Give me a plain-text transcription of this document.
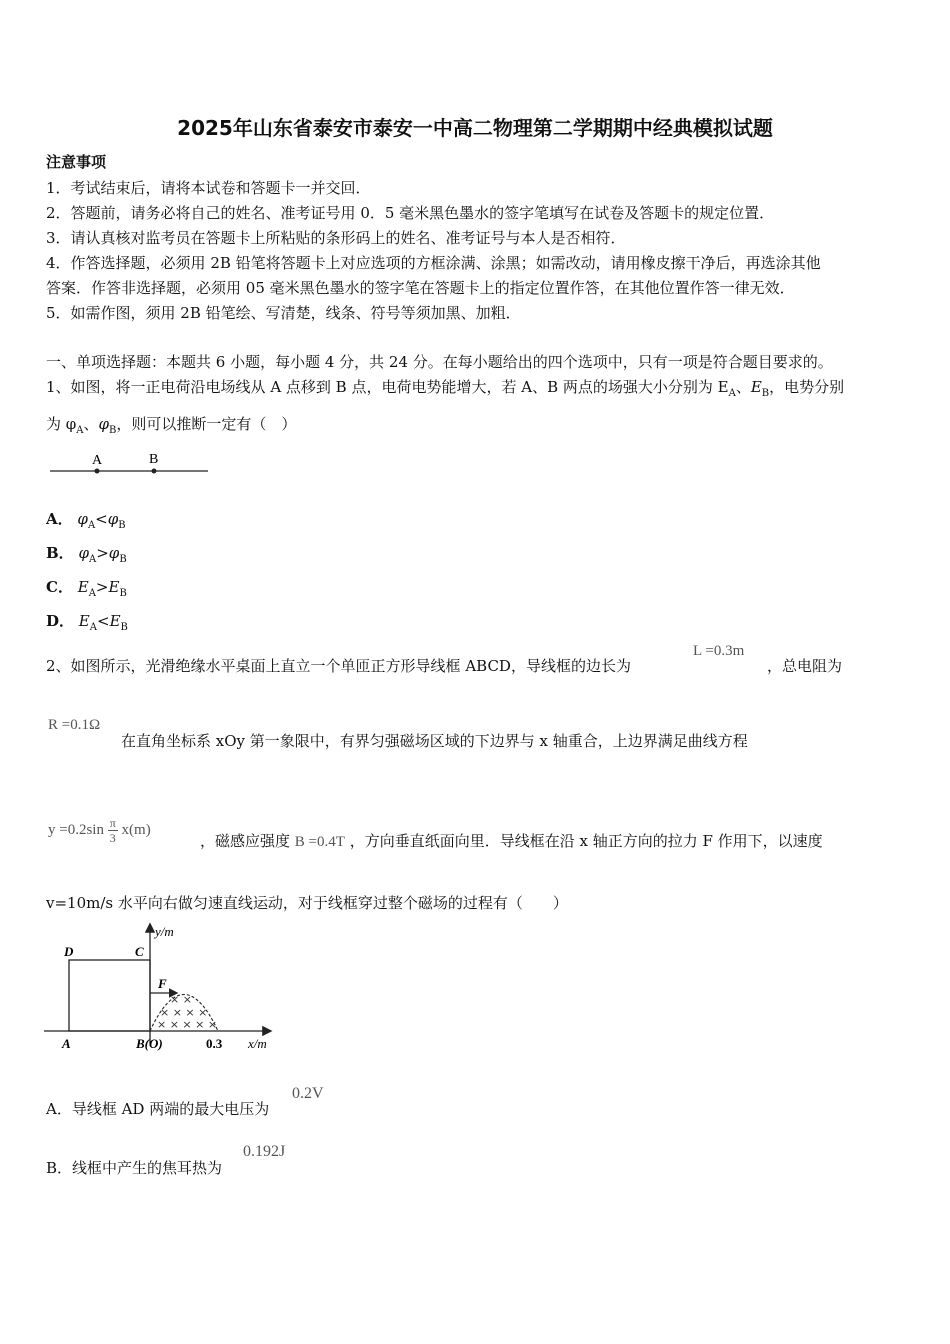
2025年山东省泰安市泰安一中高二物理第二学期期中经典模拟试题
注意事项
1．考试结束后，请将本试卷和答题卡一并交回．
2．答题前，请务必将自己的姓名、准考证号用 0．5 毫米黑色墨水的签字笔填写在试卷及答题卡的规定位置．
3．请认真核对监考员在答题卡上所粘贴的条形码上的姓名、准考证号与本人是否相符．
4．作答选择题，必须用 2B 铅笔将答题卡上对应选项的方框涂满、涂黑；如需改动，请用橡皮擦干净后，再选涂其他
答案．作答非选择题，必须用 05 毫米黑色墨水的签字笔在答题卡上的指定位置作答，在其他位置作答一律无效．
5．如需作图，须用 2B 铅笔绘、写清楚，线条、符号等须加黑、加粗．
一、单项选择题：本题共 6 小题，每小题 4 分，共 24 分。在每小题给出的四个选项中，只有一项是符合题目要求的。
1、如图，将一正电荷沿电场线从 A 点移到 B 点，电荷电势能增大，若 A、B 两点的场强大小分别为 $E_A$、$E_B$，电势分别
为 $\varphi_A$、$\varphi_B$，则可以推断一定有（　）
A	B
A． $\varphi_A<\varphi_B$
B． $\varphi_A>\varphi_B$
C． $E_A>E_B$
D． $E_A<E_B$
2、如图所示，光滑绝缘水平桌面上直立一个单匝正方形导线框 ABCD，导线框的边长为
L =0.3m
，总电阻为
R =0.1Ω
在直角坐标系 xOy 第一象限中，有界匀强磁场区域的下边界与 x 轴重合，上边界满足曲线方程
$y =0.2\sin \frac{\pi}{3} x(m)$
，磁感应强度 B =0.4T ，方向垂直纸面向里．导线框在沿 x 轴正方向的拉力 F 作用下，以速度
v=10m/s 水平向右做匀速直线运动，对于线框穿过整个磁场的过程有（　　）
× ×
× × × ×
× × × × ×
y/m
x/m
D	C
A	B(O)	0.3
F
A．导线框 AD 两端的最大电压为
0.2V
B．线框中产生的焦耳热为
0.192J
